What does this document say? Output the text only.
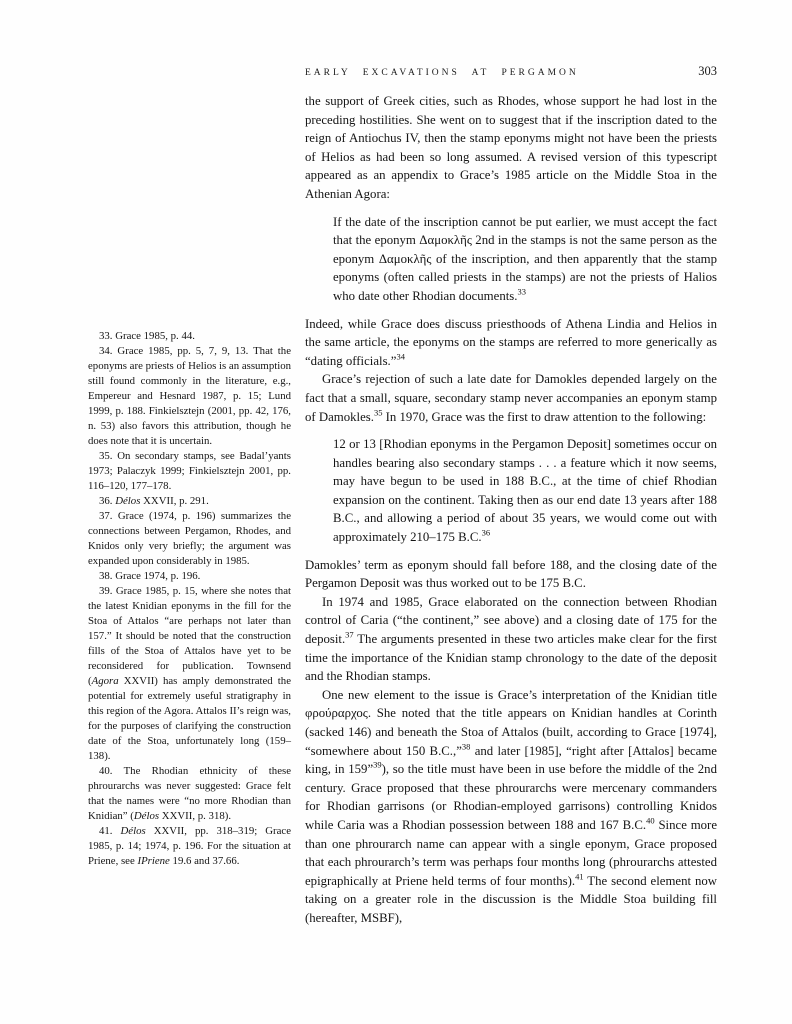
EARLY EXCAVATIONS AT PERGAMON	303

33. Grace 1985, p. 44.

34. Grace 1985, pp. 5, 7, 9, 13. That the eponyms are priests of Helios is an assumption still found commonly in the literature, e.g., Empereur and Hesnard 1987, p. 15; Lund 1999, p. 188. Finkielsztejn (2001, pp. 42, 176, n. 53) also favors this attribution, though he does note that it is uncertain.

35. On secondary stamps, see Badal’yants 1973; Palaczyk 1999; Finkielsztejn 2001, pp. 116–120, 177–178.

36. Délos XXVII, p. 291.

37. Grace (1974, p. 196) summarizes the connections between Pergamon, Rhodes, and Knidos only very briefly; the argument was expanded upon considerably in 1985.

38. Grace 1974, p. 196.

39. Grace 1985, p. 15, where she notes that the latest Knidian eponyms in the fill for the Stoa of Attalos “are perhaps not later than 157.” It should be noted that the construction fills of the Stoa of Attalos have yet to be reconsidered for publication. Townsend (Agora XXVII) has amply demonstrated the potential for extremely useful stratigraphy in this region of the Agora. Attalos II’s reign was, for the purposes of clarifying the construction date of the Stoa, unfortunately long (159–138).

40. The Rhodian ethnicity of these phrourarchs was never suggested: Grace felt that the names were “no more Rhodian than Knidian” (Délos XXVII, p. 318).

41. Délos XXVII, pp. 318–319; Grace 1985, p. 14; 1974, p. 196. For the situation at Priene, see IPriene 19.6 and 37.66.

the support of Greek cities, such as Rhodes, whose support he had lost in the preceding hostilities. She went on to suggest that if the inscription dated to the reign of Antiochus IV, then the stamp eponyms might not have been the priests of Helios as had been so long assumed. A revised version of this typescript appeared as an appendix to Grace’s 1985 article on the Middle Stoa in the Athenian Agora:

If the date of the inscription cannot be put earlier, we must accept the fact that the eponym Δαμοκλῆς 2nd in the stamps is not the same person as the eponym Δαμοκλῆς of the inscription, and then apparently that the stamp eponyms (often called priests in the stamps) are not the priests of Halios who date other Rhodian documents.$^{33}$

Indeed, while Grace does discuss priesthoods of Athena Lindia and Helios in the same article, the eponyms on the stamps are referred to more generically as “dating officials.”$^{34}$

Grace’s rejection of such a late date for Damokles depended largely on the fact that a small, square, secondary stamp never accompanies an eponym stamp of Damokles.$^{35}$ In 1970, Grace was the first to draw attention to the following:

12 or 13 [Rhodian eponyms in the Pergamon Deposit] sometimes occur on handles bearing also secondary stamps . . . a feature which it now seems, may have begun to be used in 188 B.C., at the time of chief Rhodian expansion on the continent. Taking then as our end date 13 years after 188 B.C., and allowing a period of about 35 years, we would come out with approximately 210–175 B.C.$^{36}$

Damokles’ term as eponym should fall before 188, and the closing date of the Pergamon Deposit was thus worked out to be 175 B.C.

In 1974 and 1985, Grace elaborated on the connection between Rhodian control of Caria (“the continent,” see above) and a closing date of 175 for the deposit.$^{37}$ The arguments presented in these two articles make clear for the first time the importance of the Knidian stamp chronology to the date of the deposit and the Rhodian stamps.

One new element to the issue is Grace’s interpretation of the Knidian title φρούραρχος. She noted that the title appears on Knidian handles at Corinth (sacked 146) and beneath the Stoa of Attalos (built, according to Grace [1974], “somewhere about 150 B.C.,”$^{38}$ and later [1985], “right after [Attalos] became king, in 159”$^{39}$), so the title must have been in use before the middle of the 2nd century. Grace proposed that these phrourarchs were mercenary commanders for Rhodian garrisons (or Rhodian-employed garrisons) controlling Knidos while Caria was a Rhodian possession between 188 and 167 B.C.$^{40}$ Since more than one phrourarch name can appear with a single eponym, Grace proposed that each phrourarch’s term was perhaps four months long (phrourarchs attested epigraphically at Priene held terms of four months).$^{41}$ The second element now taking on a greater role in the discussion is the Middle Stoa building fill (hereafter, MSBF),
